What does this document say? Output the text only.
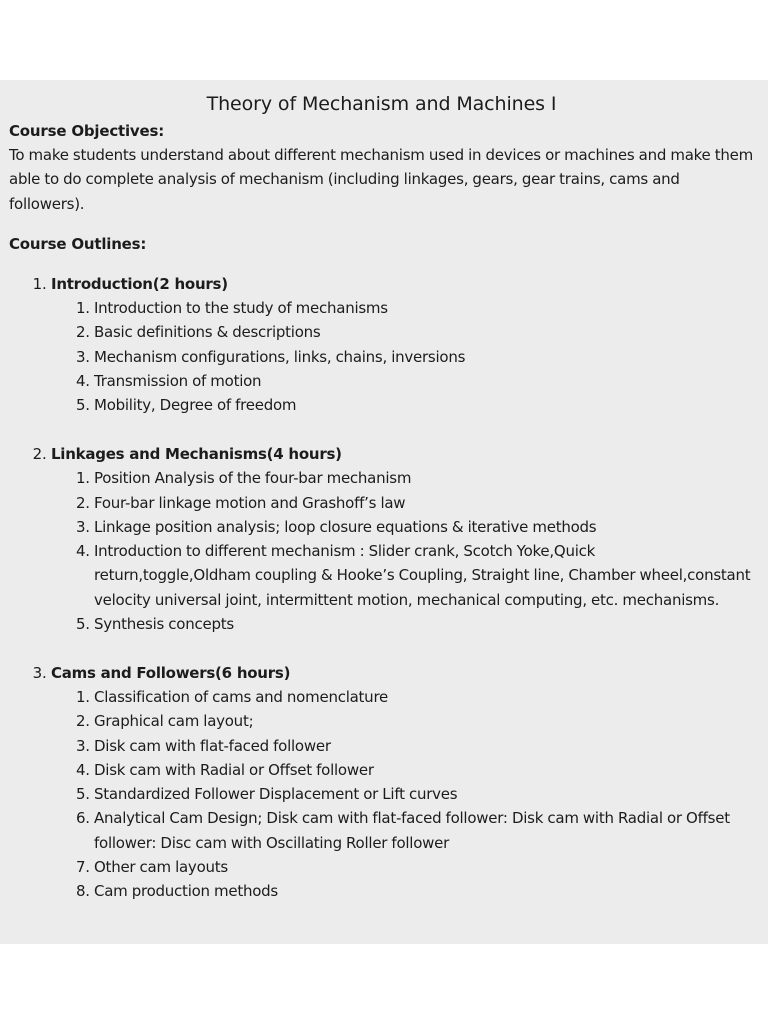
Theory of Mechanism and Machines I
Course Objectives:

To make students understand about different mechanism used in devices or machines and make them able to do complete analysis of mechanism (including linkages, gears, gear trains, cams and followers).

Course Outlines:
1. Introduction(2 hours)
1. Introduction to the study of mechanisms
2. Basic definitions & descriptions
3. Mechanism configurations, links, chains, inversions
4. Transmission of motion
5. Mobility, Degree of freedom
2. Linkages and Mechanisms(4 hours)
1. Position Analysis of the four-bar mechanism
2. Four-bar linkage motion and Grashoff’s law
3. Linkage position analysis; loop closure equations & iterative methods
4. Introduction to different mechanism : Slider crank, Scotch Yoke,Quick return,toggle,Oldham coupling & Hooke’s Coupling, Straight line, Chamber wheel,constant velocity universal joint, intermittent motion, mechanical computing, etc. mechanisms.
5. Synthesis concepts
3. Cams and Followers(6 hours)
1. Classification of cams and nomenclature
2. Graphical cam layout;
3. Disk cam with flat-faced follower
4. Disk cam with Radial or Offset follower
5. Standardized Follower Displacement or Lift curves
6. Analytical Cam Design; Disk cam with flat-faced follower: Disk cam with Radial or Offset follower: Disc cam with Oscillating Roller follower
7. Other cam layouts
8. Cam production methods
